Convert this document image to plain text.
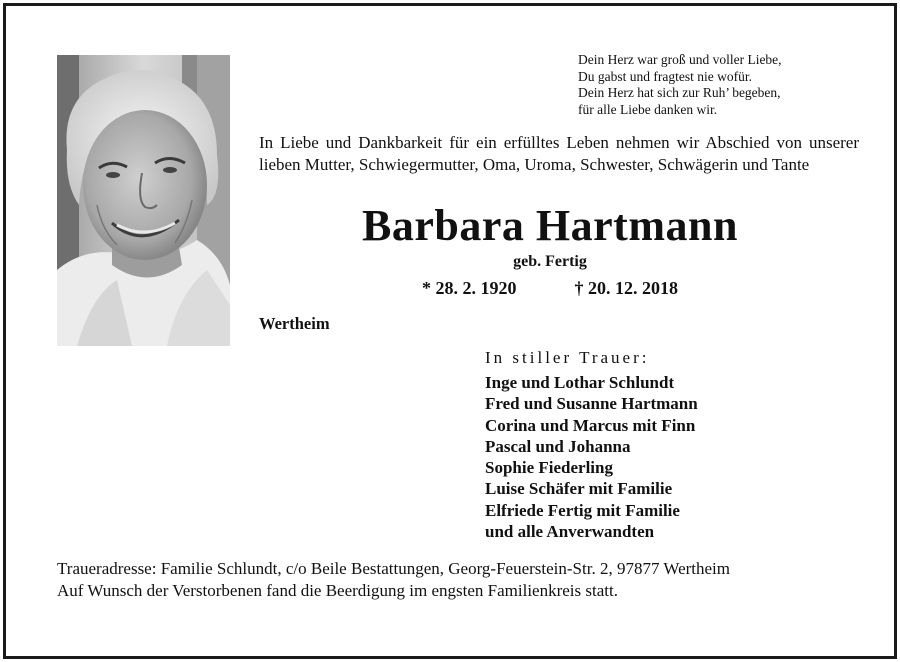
Dein Herz war groß und voller Liebe,
Du gabst und fragtest nie wofür.
Dein Herz hat sich zur Ruh’ begeben,
für alle Liebe danken wir.
In Liebe und Dankbarkeit für ein erfülltes Leben nehmen wir Abschied von unserer lieben Mutter, Schwiegermutter, Oma, Uroma, Schwester, Schwägerin und Tante
Barbara Hartmann
geb. Fertig
* 28. 2. 1920	† 20. 12. 2018
Wertheim
In stiller Trauer:
Inge und Lothar Schlundt
Fred und Susanne Hartmann
Corina und Marcus mit Finn
Pascal und Johanna
Sophie Fiederling
Luise Schäfer mit Familie
Elfriede Fertig mit Familie
und alle Anverwandten
Traueradresse: Familie Schlundt, c/o Beile Bestattungen, Georg-Feuerstein-Str. 2, 97877 Wertheim
Auf Wunsch der Verstorbenen fand die Beerdigung im engsten Familienkreis statt.
